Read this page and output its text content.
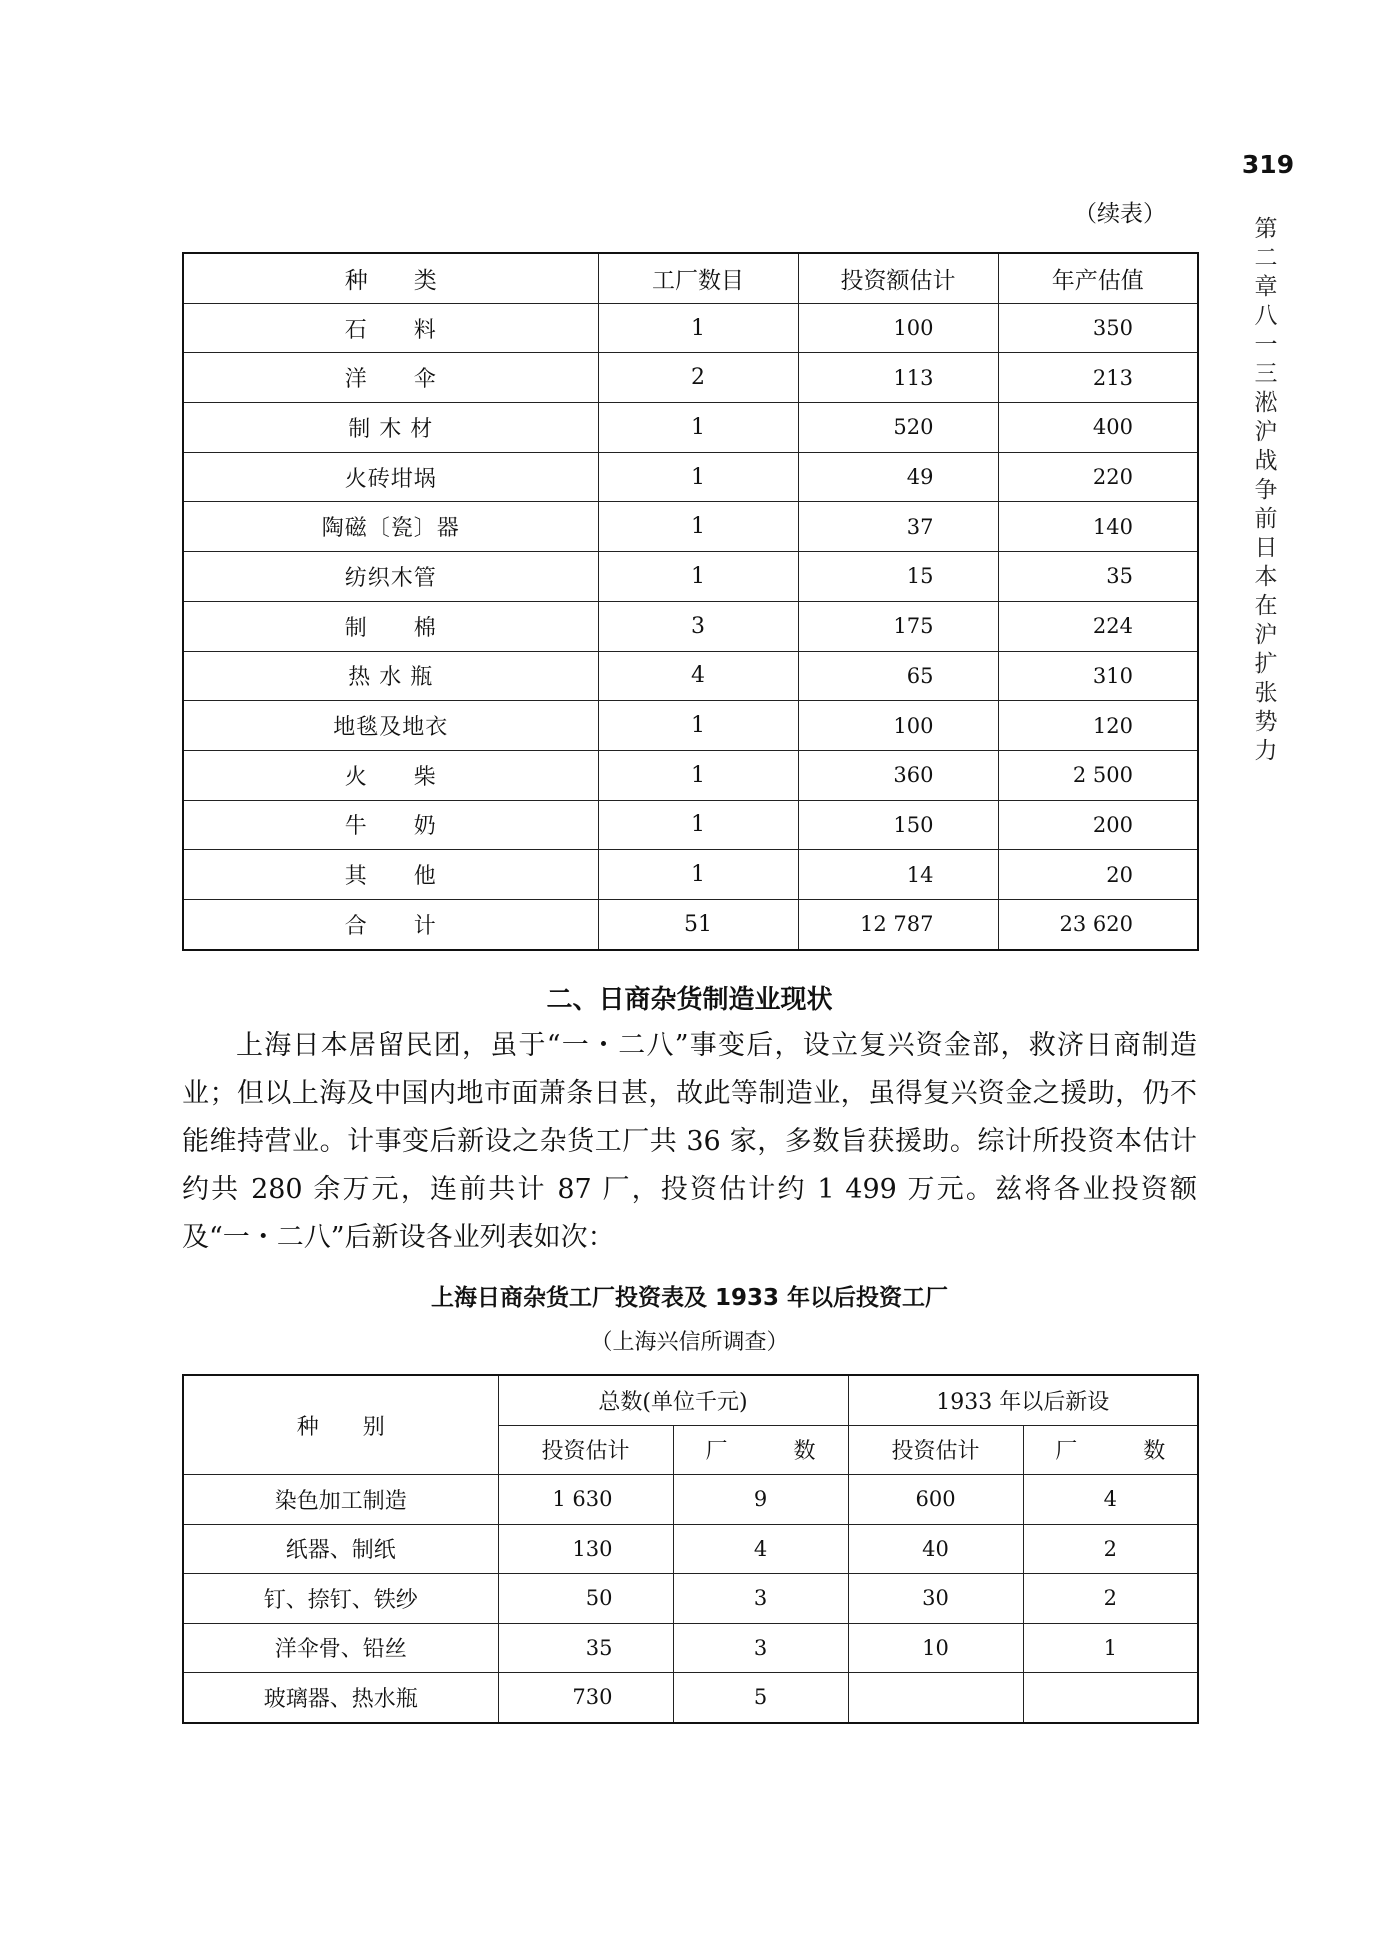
319
第
二
章
八
一
三
淞
沪
战
争
前
日
本
在
沪
扩
张
势
力
（续表）
种　　类	工厂数目	投资额估计	年产估值
石　　料	1	100	350
洋　　伞	2	113	213
制 木 材	1	520	400
火砖坩埚	1	49	220
陶磁〔瓷〕器	1	37	140
纺织木管	1	15	35
制　　棉	3	175	224
热 水 瓶	4	65	310
地毯及地衣	1	100	120
火　　柴	1	360	2 500
牛　　奶	1	150	200
其　　他	1	14	20
合　　计	51	12 787	23 620
二、日商杂货制造业现状
上海日本居留民团，虽于“一・二八”事变后，设立复兴资金部，救济日商制造业；但以上海及中国内地市面萧条日甚，故此等制造业，虽得复兴资金之援助，仍不能维持营业。计事变后新设之杂货工厂共 36 家，多数旨获援助。综计所投资本估计约共 280 余万元，连前共计 87 厂，投资估计约 1 499 万元。兹将各业投资额及“一・二八”后新设各业列表如次：
上海日商杂货工厂投资表及 1933 年以后投资工厂
（上海兴信所调查）
种　　别	总数(单位千元)		1933 年以后新设	
	投资估计	厂　　　数	投资估计	厂　　　数
染色加工制造	1 630	9	600	4
纸器、制纸	130	4	40	2
钉、捺钉、铁纱	50	3	30	2
洋伞骨、铅丝	35	3	10	1
玻璃器、热水瓶	730	5		
